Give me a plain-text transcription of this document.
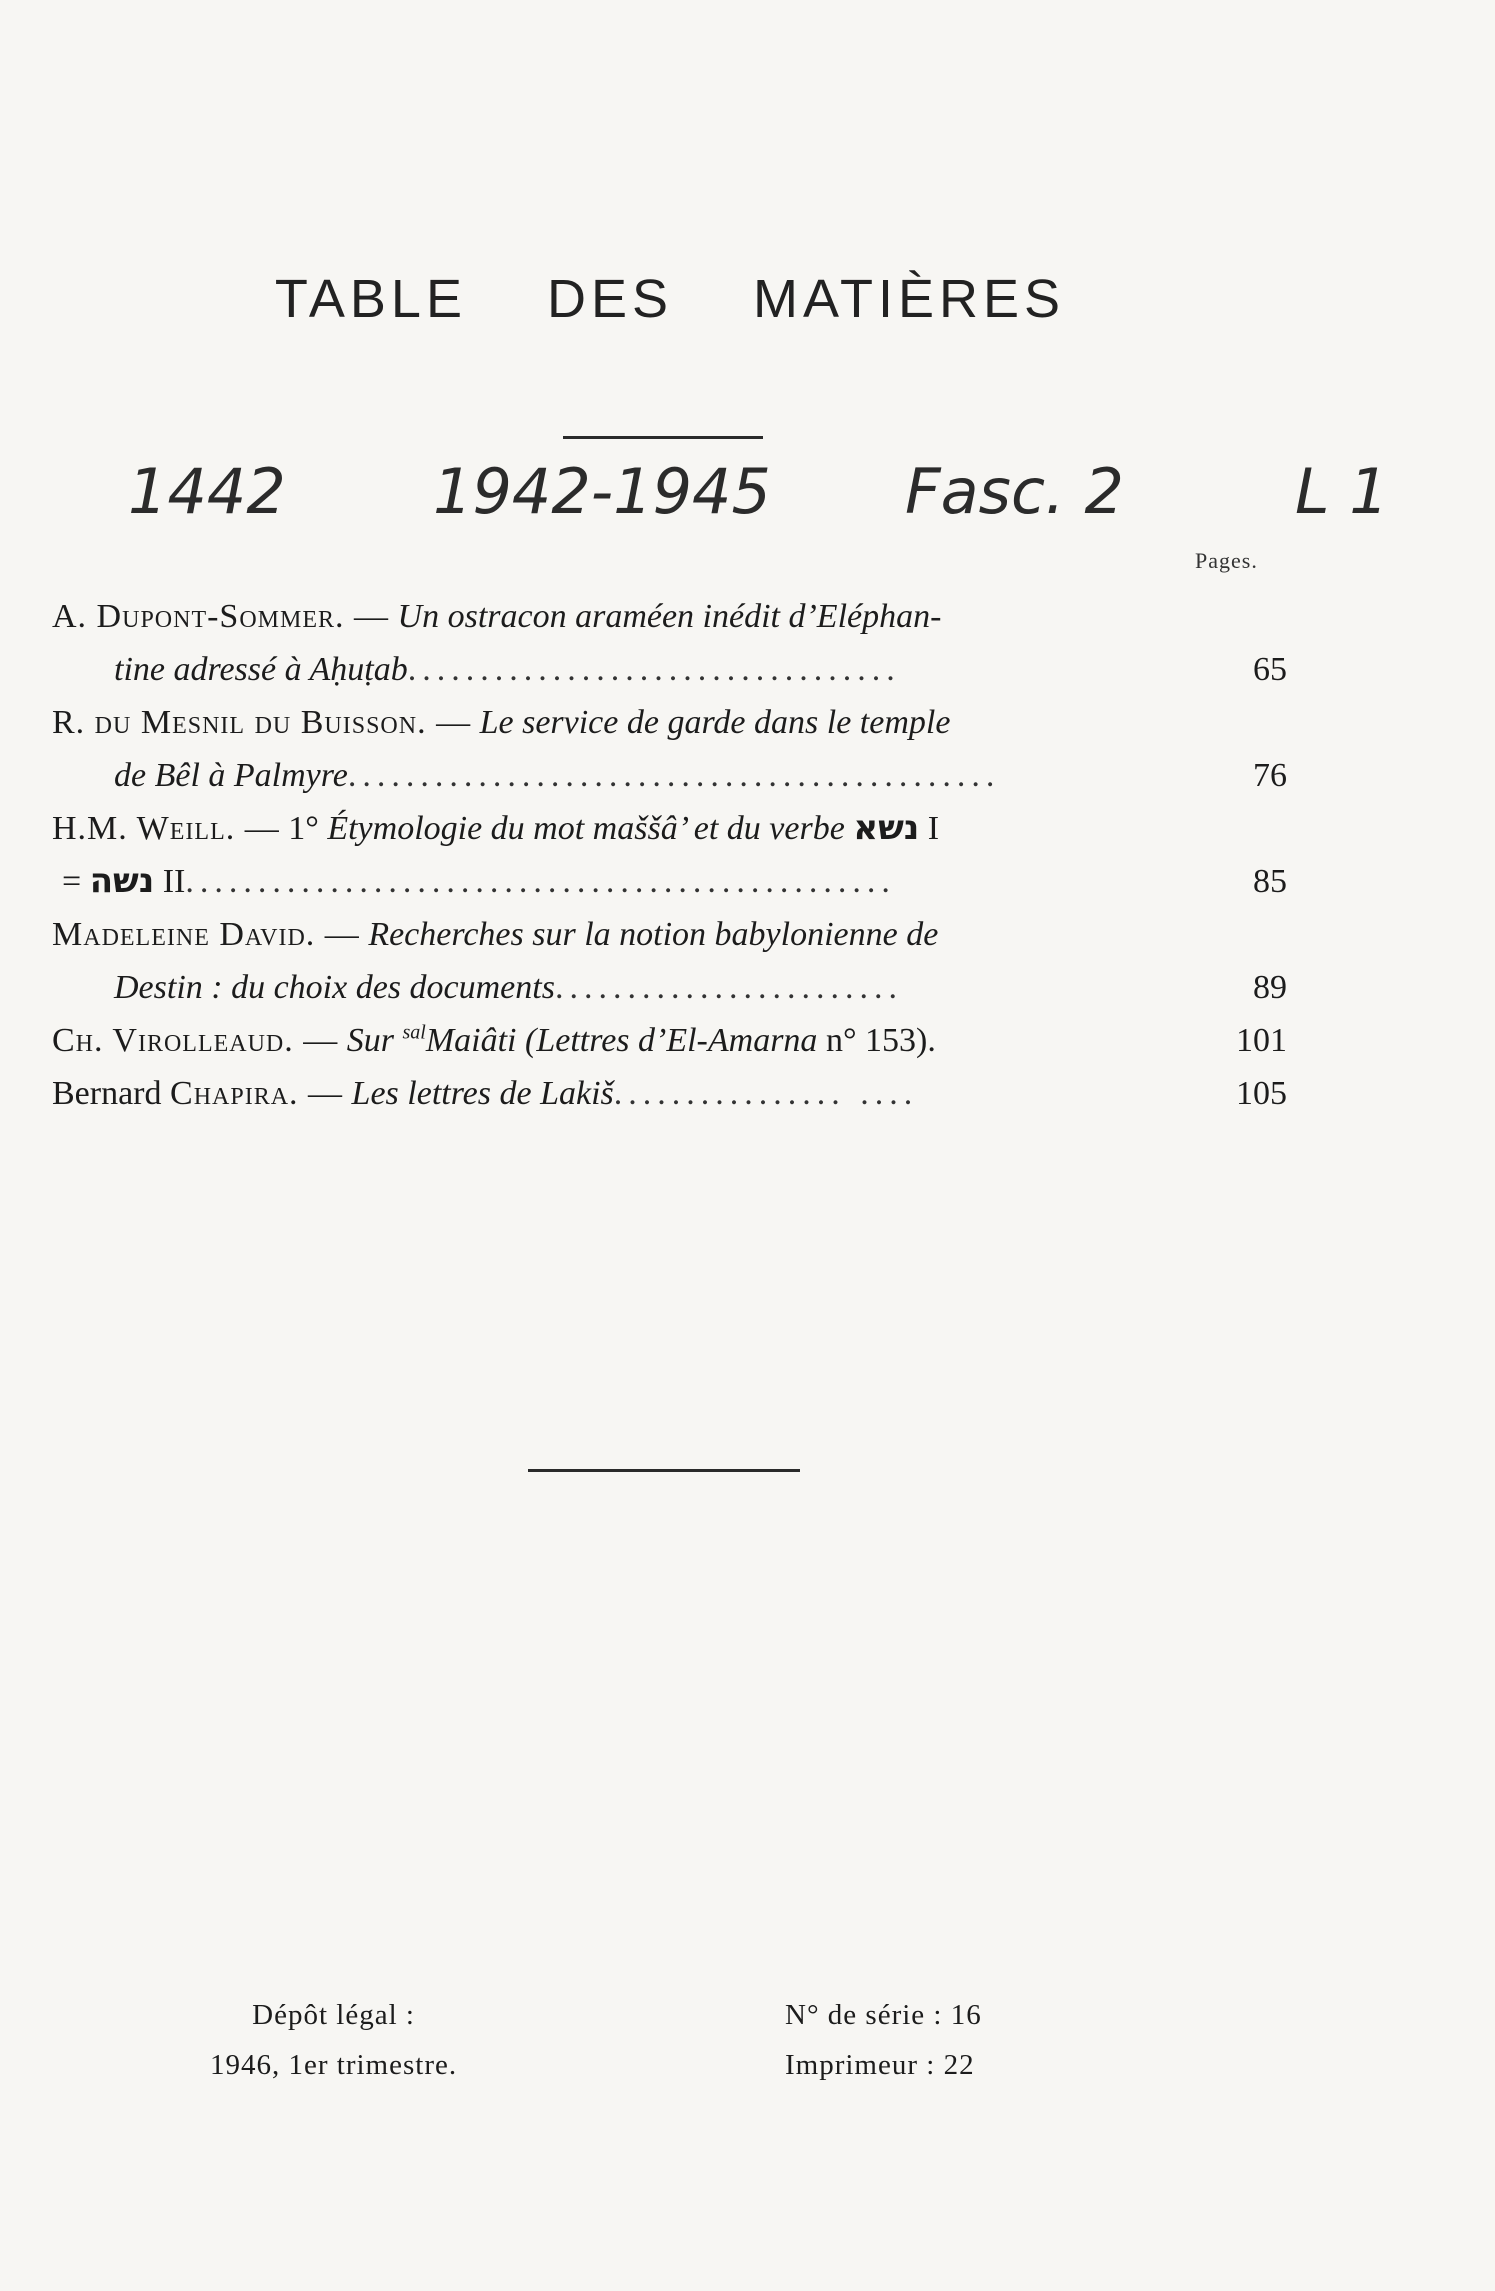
TABLE DES MATIÈRES
1442 1942-1945 Fasc. 2	L 1
Pages.
A. Dupont-Sommer. — Un ostracon araméen inédit d’Eléphan-
tine adressé à Aḥuṭab..................................	65
R. du Mesnil du Buisson. — Le service de garde dans le temple
de Bêl à Palmyre.............................................	76
H.M. Weill. — 1° Étymologie du mot maššâ’ et du verbe נשא I
= נשה II.................................................	85
Madeleine David. — Recherches sur la notion babylonienne de
Destin : du choix des documents........................	89
Ch. Virolleaud. — Sur $^{sal}$Maiâti (Lettres d’El-Amarna n° 153).	101
Bernard Chapira. — Les lettres de Lakiš................ ....	105
Dépôt légal :
1946, 1er trimestre.
N° de série : 16
Imprimeur : 22
